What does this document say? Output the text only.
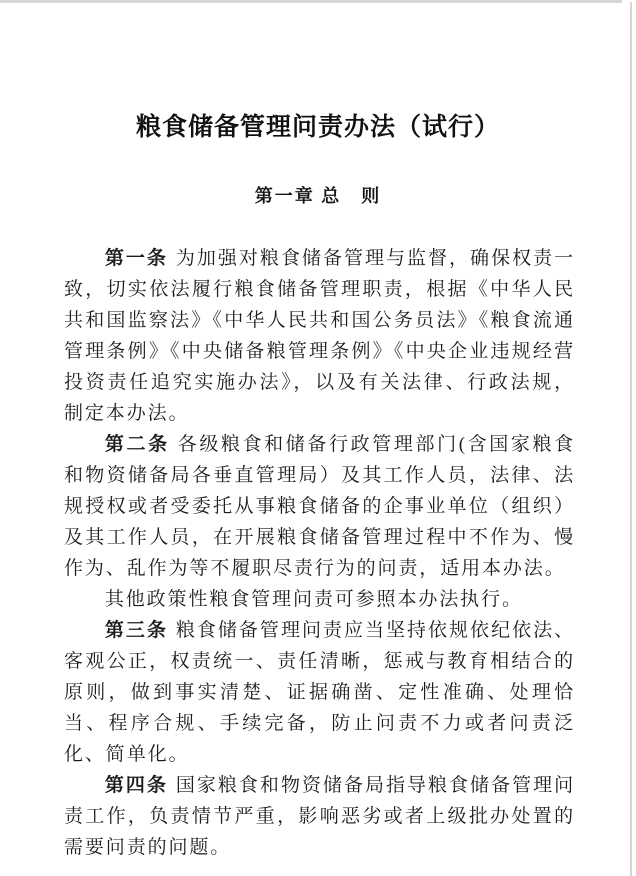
粮食储备管理问责办法（试行）
第一章 总　则

第一条 为加强对粮食储备管理与监督，确保权责一致，切实依法履行粮食储备管理职责，根据《中华人民共和国监察法》《中华人民共和国公务员法》《粮食流通管理条例》《中央储备粮管理条例》《中央企业违规经营投资责任追究实施办法》，以及有关法律、行政法规，制定本办法。

第二条 各级粮食和储备行政管理部门(含国家粮食和物资储备局各垂直管理局）及其工作人员，法律、法规授权或者受委托从事粮食储备的企事业单位（组织）及其工作人员，在开展粮食储备管理过程中不作为、慢作为、乱作为等不履职尽责行为的问责，适用本办法。

其他政策性粮食管理问责可参照本办法执行。

第三条 粮食储备管理问责应当坚持依规依纪依法、客观公正，权责统一、责任清晰，惩戒与教育相结合的原则，做到事实清楚、证据确凿、定性准确、处理恰当、程序合规、手续完备，防止问责不力或者问责泛化、简单化。

第四条 国家粮食和物资储备局指导粮食储备管理问责工作，负责情节严重，影响恶劣或者上级批办处置的需要问责的问题。
